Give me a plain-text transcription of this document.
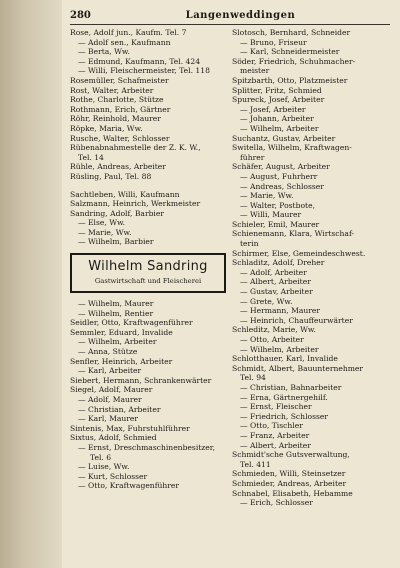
280	Langenweddingen
Rose, Adolf jun., Kaufm. Tel. 7
— Adolf sen., Kaufmann
— Berta, Ww.
— Edmund, Kaufmann, Tel. 424
— Willi, Fleischermeister, Tel. 118
Rosemüller, Schafmeister
Rost, Walter, Arbeiter
Rothe, Charlotte, Stütze
Rothmann, Erich, Gärtner
Röhr, Reinhold, Maurer
Röpke, Maria, Ww.
Rusche, Walter, Schlosser
Rübenabnahmestelle der Z. K. W.,
Tel. 14
Rühle, Andreas, Arbeiter
Rüsling, Paul, Tel. 88
Sachtleben, Willi, Kaufmann
Salzmann, Heinrich, Werkmeister
Sandring, Adolf, Barbier
— Else, Ww.
— Marie, Ww.
— Wilhelm, Barbier
Wilhelm Sandring
Gastwirtschaft und Fleischerei
— Wilhelm, Maurer
— Wilhelm, Rentier
Seidler, Otto, Kraftwagenführer
Semmler, Eduard, Invalide
— Wilhelm, Arbeiter
— Anna, Stütze
Senfler, Heinrich, Arbeiter
— Karl, Arbeiter
Siebert, Hermann, Schrankenwärter
Siegel, Adolf, Maurer
— Adolf, Maurer
— Christian, Arbeiter
— Karl, Maurer
Sintenis, Max, Fuhrstuhlführer
Sixtus, Adolf, Schmied
— Ernst, Dreschmaschinenbesitzer,
Tel. 6
— Luise, Ww.
— Kurt, Schlosser
— Otto, Kraftwagenführer
Slotosch, Bernhard, Schneider
— Bruno, Friseur
— Karl, Schneidermeister
Söder, Friedrich, Schuhmacher-
meister
Spitzbarth, Otto, Platzmeister
Splitter, Fritz, Schmied
Spureck, Josef, Arbeiter
— Josef, Arbeiter
— Johann, Arbeiter
— Wilhelm, Arbeiter
Suchantz, Gustav, Arbeiter
Switella, Wilhelm, Kraftwagen-
führer
Schäfer, August, Arbeiter
— August, Fuhrherr
— Andreas, Schlosser
— Marie, Ww.
— Walter, Postbote,
— Willi, Maurer
Schieler, Emil, Maurer
Schienemann, Klara, Wirtschaf-
terin
Schirmer, Else, Gemeindeschwest.
Schladitz, Adolf, Dreher
— Adolf, Arbeiter
— Albert, Arbeiter
— Gustav, Arbeiter
— Grete, Ww.
— Hermann, Maurer
— Heinrich, Chauffeurwärter
Schleditz, Marie, Ww.
— Otto, Arbeiter
— Wilhelm, Arbeiter
Schlotthauer, Karl, Invalide
Schmidt, Albert, Bauunternehmer
Tel. 94
— Christian, Bahnarbeiter
— Erna, Gärtnergehilf.
— Ernst, Fleischer
— Friedrich, Schlosser
— Otto, Tischler
— Franz, Arbeiter
— Albert, Arbeiter
Schmidt'sche Gutsverwaltung,
Tel. 411
Schmieden, Willi, Steinsetzer
Schmieder, Andreas, Arbeiter
Schnabel, Elisabeth, Hebamme
— Erich, Schlosser
